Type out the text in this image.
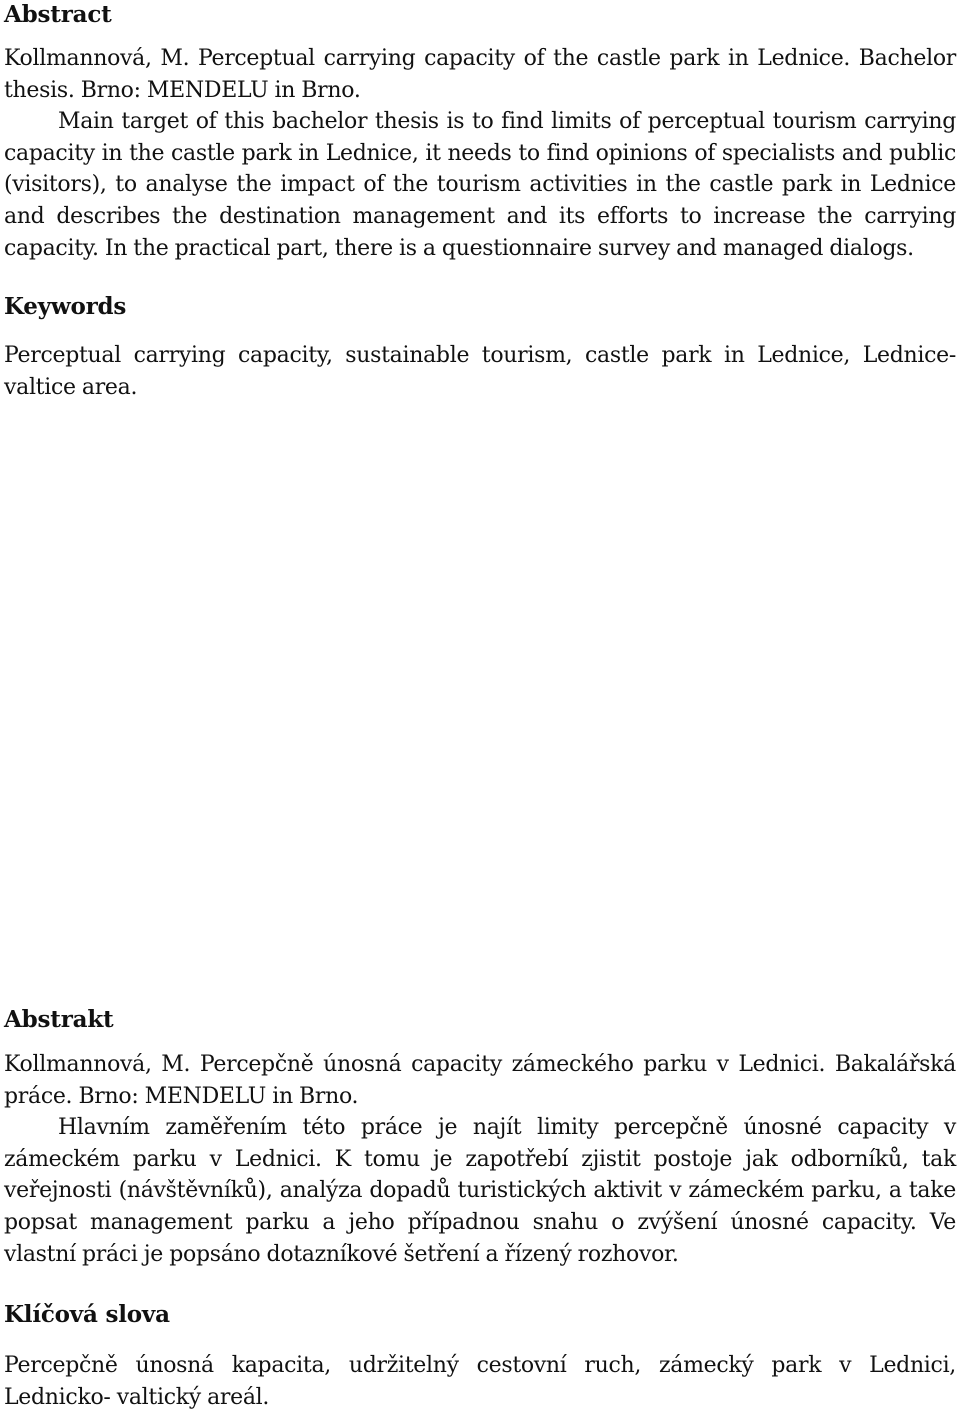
Abstract

Kollmannová, M. Perceptual carrying capacity of the castle park in Lednice. Bachelor thesis. Brno: MENDELU in Brno.

Main target of this bachelor thesis is to find limits of perceptual tourism carrying capacity in the castle park in Lednice, it needs to find opinions of specialists and public (visitors), to analyse the impact of the tourism activities in the castle park in Lednice and describes the destination management and its efforts to increase the carrying capacity. In the practical part, there is a questionnaire survey and managed dialogs.

Keywords

Perceptual carrying capacity, sustainable tourism, castle park in Lednice, Lednice-valtice area.

Abstrakt

Kollmannová, M. Percepčně únosná capacity zámeckého parku v Lednici. Bakalářská práce. Brno: MENDELU in Brno.

Hlavním zaměřením této práce je najít limity percepčně únosné capacity v zámeckém parku v Lednici. K tomu je zapotřebí zjistit postoje jak odborníků, tak veřejnosti (návštěvníků), analýza dopadů turistických aktivit v zámeckém parku, a take popsat management parku a jeho případnou snahu o zvýšení únosné capacity. Ve vlastní práci je popsáno dotazníkové šetření a řízený rozhovor.

Klíčová slova

Percepčně únosná kapacita, udržitelný cestovní ruch, zámecký park v Lednici, Lednicko- valtický areál.
